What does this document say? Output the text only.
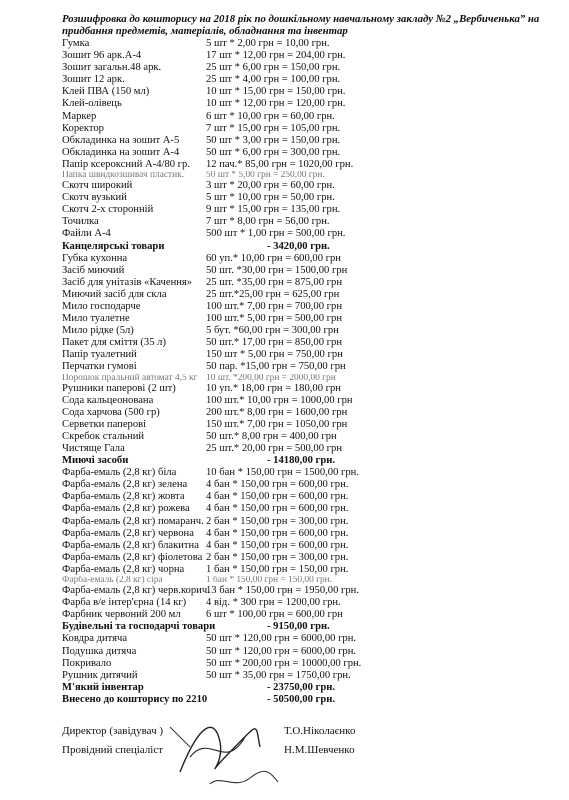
Розшифровка до кошторису на 2018 рік по дошкільному навчальному закладу №2 „Вербиченька” на
придбання предметів, матеріалів, обладнання та інвентар
Гумка	5 шт * 2,00 грн = 10,00 грн.
Зошит 96 арк.А-4	17 шт * 12,00 грн = 204,00 грн.
Зошит загальн.48 арк.	25 шт * 6,00 грн = 150,00 грн.
Зошит 12 арк.	25 шт * 4,00 грн = 100,00 грн.
Клей ПВА (150 мл)	10 шт * 15,00 грн = 150,00 грн.
Клей-олівець	10 шт * 12,00 грн = 120,00 грн.
Маркер	6 шт * 10,00 грн = 60,00 грн.
Коректор	7 шт * 15,00 грн = 105,00 грн.
Обкладинка на зошит А-5	50 шт * 3,00 грн = 150,00 грн.
Обкладинка на зошит А-4	50 шт * 6,00 грн = 300,00 грн.
Папір ксероксний А-4/80 гр. 12 пач.* 85,00 грн = 1020,00 грн.
Папка швидкозшивач пластик. 50 шт * 5,00 грн = 250,00 грн.
Скотч широкий	3 шт * 20,00 грн = 60,00 грн.
Скотч вузький	5 шт * 10,00 грн = 50,00 грн.
Скотч 2-х сторонній	9 шт * 15,00 грн = 135,00 грн.
Точилка	7 шт * 8,00 грн = 56,00 грн.
Файли А-4	500 шт * 1,00 грн = 500,00 грн.
Канцелярські товари	- 3420,00 грн.
Губка кухонна	60 уп.* 10,00 грн = 600,00 грн
Засіб миючий	50 шт. *30,00 грн = 1500,00 грн
Засіб для унітазів «Качення» 25 шт. *35,00 грн = 875,00 грн
Миючий засіб для скла	25 шт.*25,00 грн = 625,00 грн
Мило господарче	100 шт.* 7,00 грн = 700,00 грн
Мило туалетне	100 шт.* 5,00 грн = 500,00 грн
Мило рідке (5л)	5 бут. *60,00 грн = 300,00 грн
Пакет для сміття (35 л)	50 шт.* 17,00 грн = 850,00 грн
Папір туалетний	150 шт * 5,00 грн = 750,00 грн
Перчатки гумові	50 пар. *15,00 грн = 750,00 грн
Порошок пральний автомат 4,5 кг 10 шт. *200,00 грн = 2000,00 грн
Рушники паперові (2 шт)	10 уп.* 18,00 грн = 180,00 грн
Сода кальцеонована	100 шт.* 10,00 грн = 1000,00 грн
Сода харчова (500 гр)	200 шт.* 8,00 грн = 1600,00 грн
Серветки паперові	150 шт.* 7,00 грн = 1050,00 грн
Скребок стальний	50 шт.* 8,00 грн = 400,00 грн
Чистяще Гала	25 шт.* 20,00 грн = 500,00 грн
Миючі засоби	- 14180,00 грн.
Фарба-емаль (2,8 кг) біла	10 бан * 150,00 грн = 1500,00 грн.
Фарба-емаль (2,8 кг) зелена 4 бан * 150,00 грн = 600,00 грн.
Фарба-емаль (2,8 кг) жовта 4 бан * 150,00 грн = 600,00 грн.
Фарба-емаль (2,8 кг) рожева 4 бан * 150,00 грн = 600,00 грн.
Фарба-емаль (2,8 кг) помаранч. 2 бан * 150,00 грн = 300,00 грн.
Фарба-емаль (2,8 кг) червона 4 бан * 150,00 грн = 600,00 грн.
Фарба-емаль (2,8 кг) блакитна 4 бан * 150,00 грн = 600,00 грн.
Фарба-емаль (2,8 кг) фіолетова 2 бан * 150,00 грн = 300,00 грн.
Фарба-емаль (2,8 кг) чорна 1 бан * 150,00 грн = 150,00 грн.
Фарба-емаль (2,8 кг) сіра	1 бан * 150,00 грн = 150,00 грн.
Фарба-емаль (2,8 кг) черв.корич.
13 бан * 150,00 грн = 1950,00 грн.
Фарба в/е інтер'єрна (14 кг) 4 від. * 300 грн = 1200,00 грн.
Фарбник червоний 200 мл 6 шт * 100,00 грн = 600,00 грн
Будівельні та господарчі товари	- 9150,00 грн.
Ковдра дитяча	50 шт * 120,00 грн = 6000,00 грн.
Подушка дитяча	50 шт * 120,00 грн = 6000,00 грн.
Покривало	50 шт * 200,00 грн = 10000,00 грн.
Рушник дитячий	50 шт * 35,00 грн = 1750,00 грн.
М'який інвентар	- 23750,00 грн.
Внесено до кошторису по 2210	- 50500,00 грн.
Директор (завідувач )	Т.О.Ніколаєнко
Провідний спеціаліст	Н.М.Шевченко
